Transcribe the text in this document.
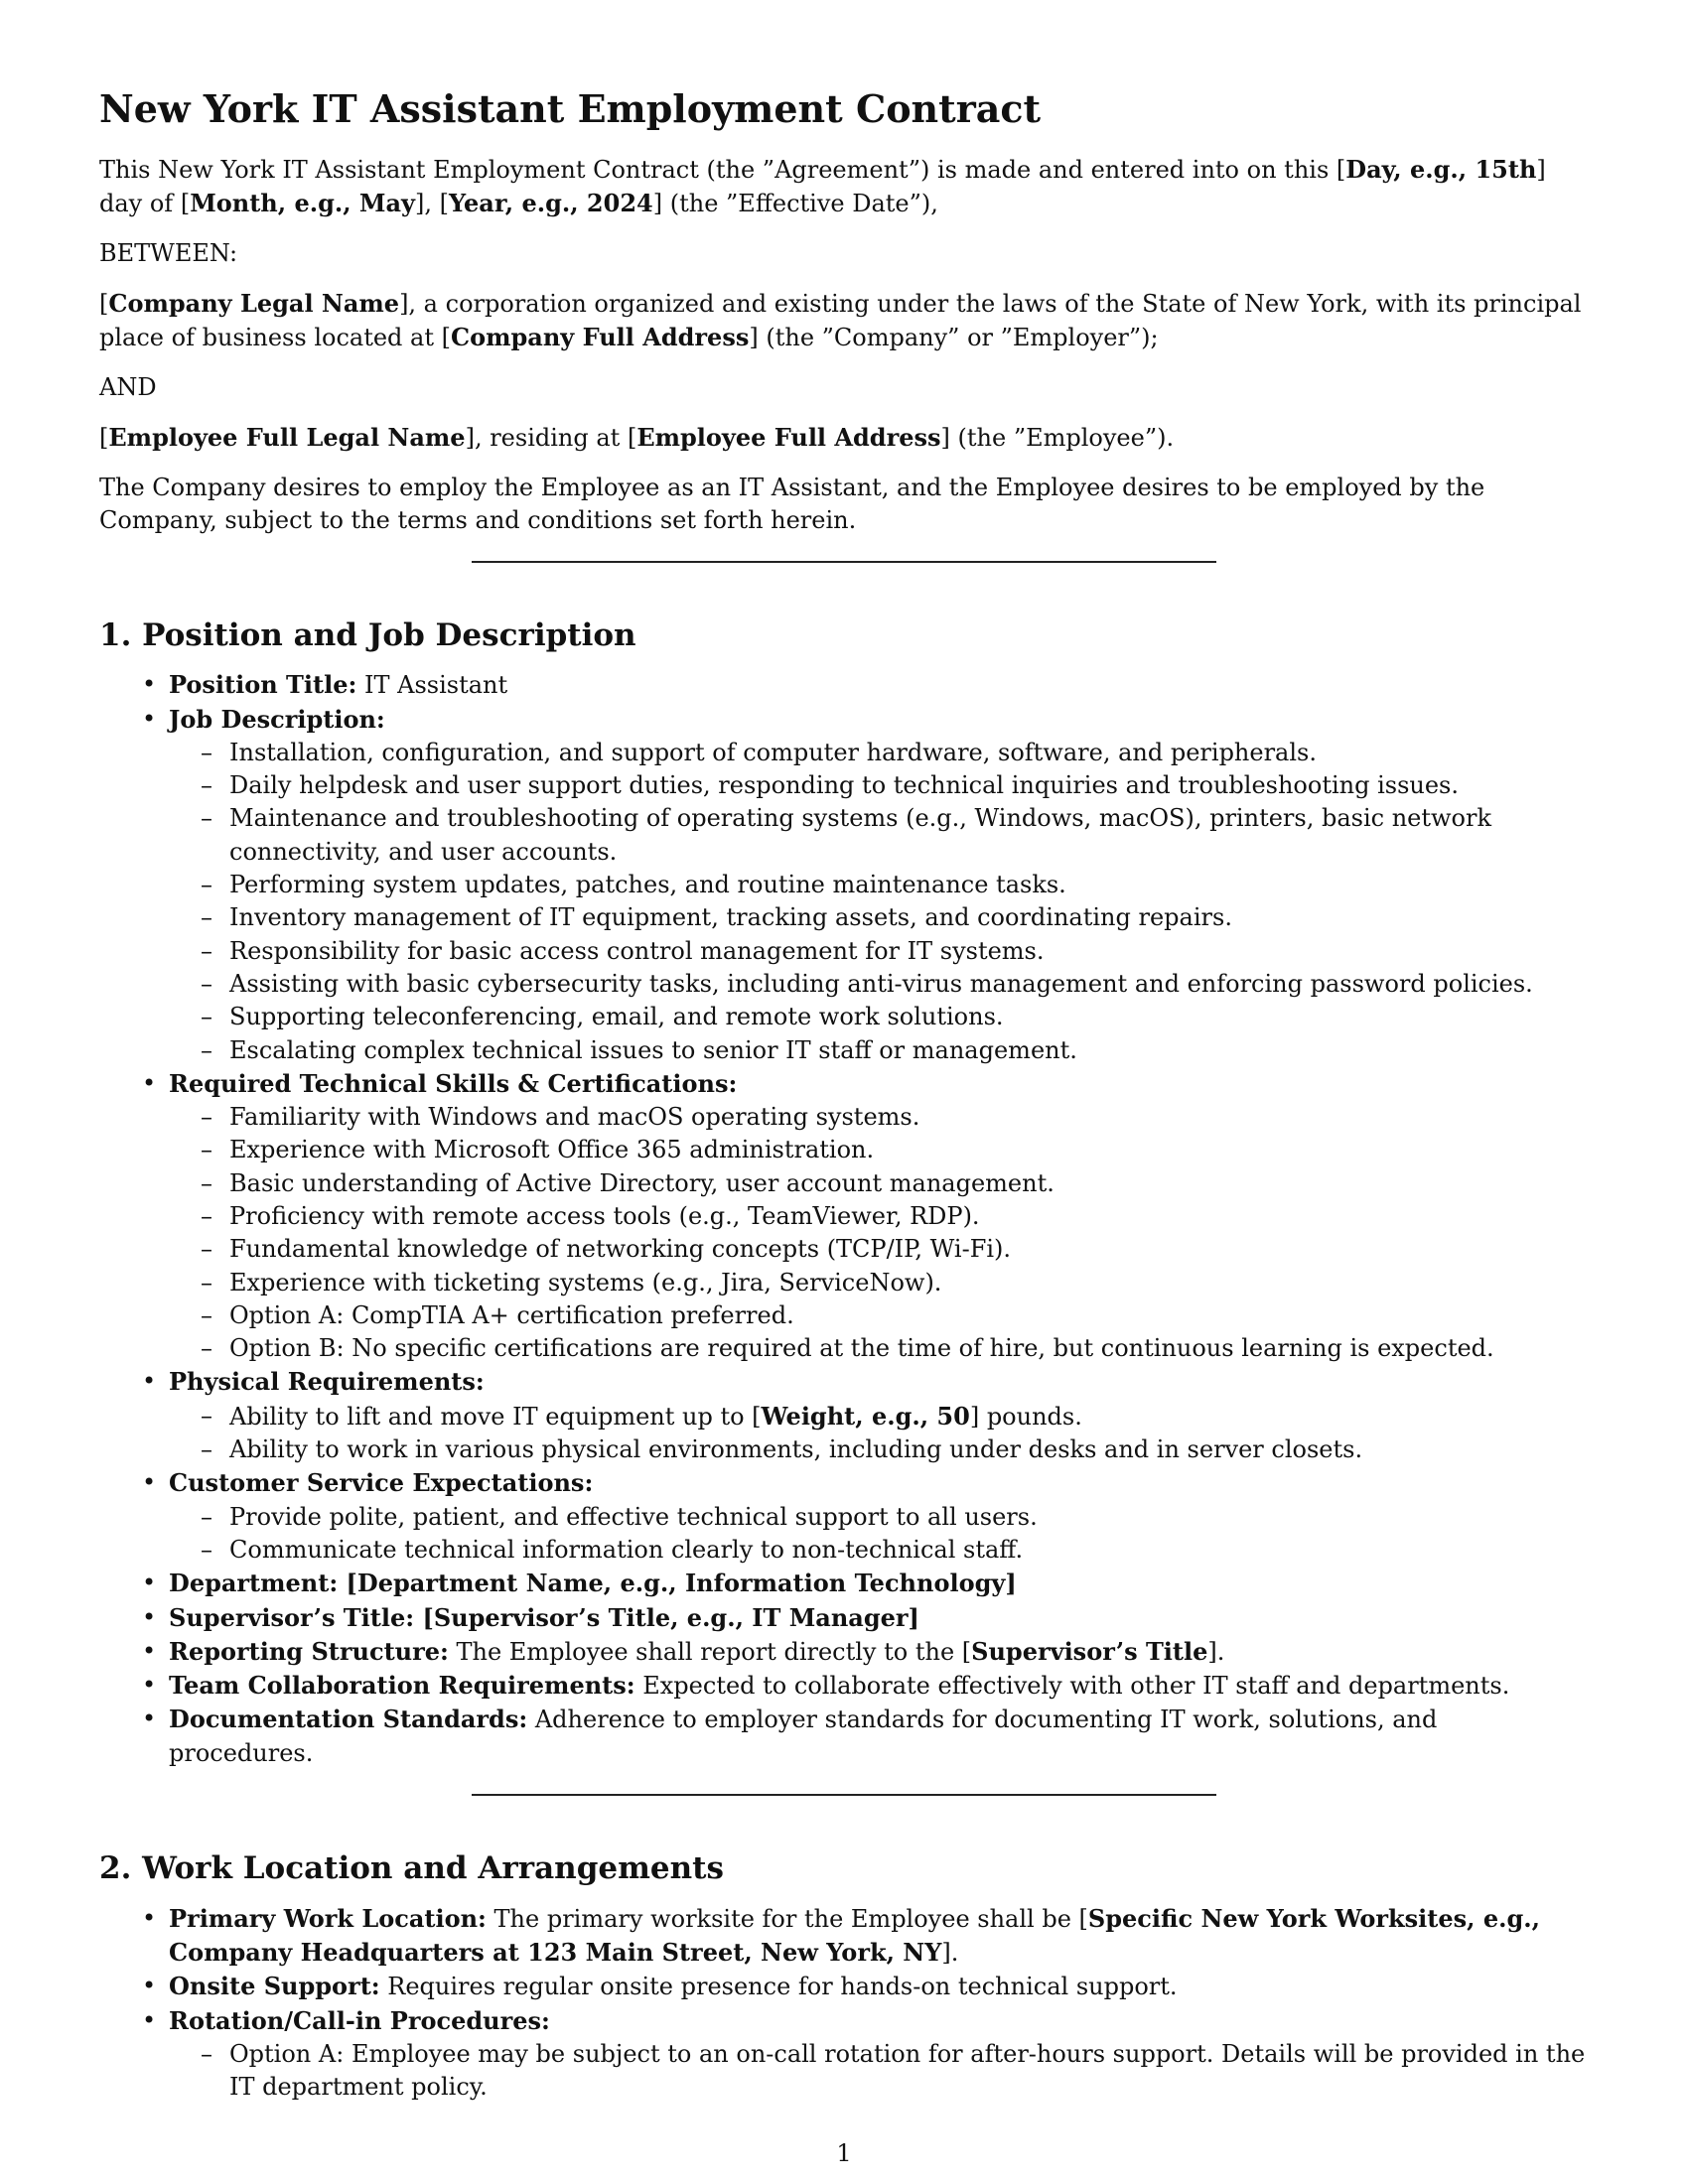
New York IT Assistant Employment Contract

This New York IT Assistant Employment Contract (the ”Agreement”) is made and entered into on this [Day, e.g., 15th] day of [Month, e.g., May], [Year, e.g., 2024] (the ”Effective Date”),

BETWEEN:

[Company Legal Name], a corporation organized and existing under the laws of the State of New York, with its principal place of business located at [Company Full Address] (the ”Company” or ”Employer”);

AND

[Employee Full Legal Name], residing at [Employee Full Address] (the ”Employee”).

The Company desires to employ the Employee as an IT Assistant, and the Employee desires to be employed by the Company, subject to the terms and conditions set forth herein.

1. Position and Job Description
• Position Title: IT Assistant
• Job Description:
– Installation, configuration, and support of computer hardware, software, and peripherals.
– Daily helpdesk and user support duties, responding to technical inquiries and troubleshooting issues.
– Maintenance and troubleshooting of operating systems (e.g., Windows, macOS), printers, basic network connectivity, and user accounts.
– Performing system updates, patches, and routine maintenance tasks.
– Inventory management of IT equipment, tracking assets, and coordinating repairs.
– Responsibility for basic access control management for IT systems.
– Assisting with basic cybersecurity tasks, including anti-virus management and enforcing password policies.
– Supporting teleconferencing, email, and remote work solutions.
– Escalating complex technical issues to senior IT staff or management.
• Required Technical Skills & Certifications:
– Familiarity with Windows and macOS operating systems.
– Experience with Microsoft Office 365 administration.
– Basic understanding of Active Directory, user account management.
– Proficiency with remote access tools (e.g., TeamViewer, RDP).
– Fundamental knowledge of networking concepts (TCP/IP, Wi-Fi).
– Experience with ticketing systems (e.g., Jira, ServiceNow).
– Option A: CompTIA A+ certification preferred.
– Option B: No specific certifications are required at the time of hire, but continuous learning is expected.
• Physical Requirements:
– Ability to lift and move IT equipment up to [Weight, e.g., 50] pounds.
– Ability to work in various physical environments, including under desks and in server closets.
• Customer Service Expectations:
– Provide polite, patient, and effective technical support to all users.
– Communicate technical information clearly to non-technical staff.
• Department: [Department Name, e.g., Information Technology]
• Supervisor’s Title: [Supervisor’s Title, e.g., IT Manager]
• Reporting Structure: The Employee shall report directly to the [Supervisor’s Title].
• Team Collaboration Requirements: Expected to collaborate effectively with other IT staff and departments.
• Documentation Standards: Adherence to employer standards for documenting IT work, solutions, and procedures.
2. Work Location and Arrangements
• Primary Work Location: The primary worksite for the Employee shall be [Specific New York Worksites, e.g., Company Headquarters at 123 Main Street, New York, NY].
• Onsite Support: Requires regular onsite presence for hands-on technical support.
• Rotation/Call-in Procedures:
– Option A: Employee may be subject to an on-call rotation for after-hours support. Details will be provided in the IT department policy.
1
